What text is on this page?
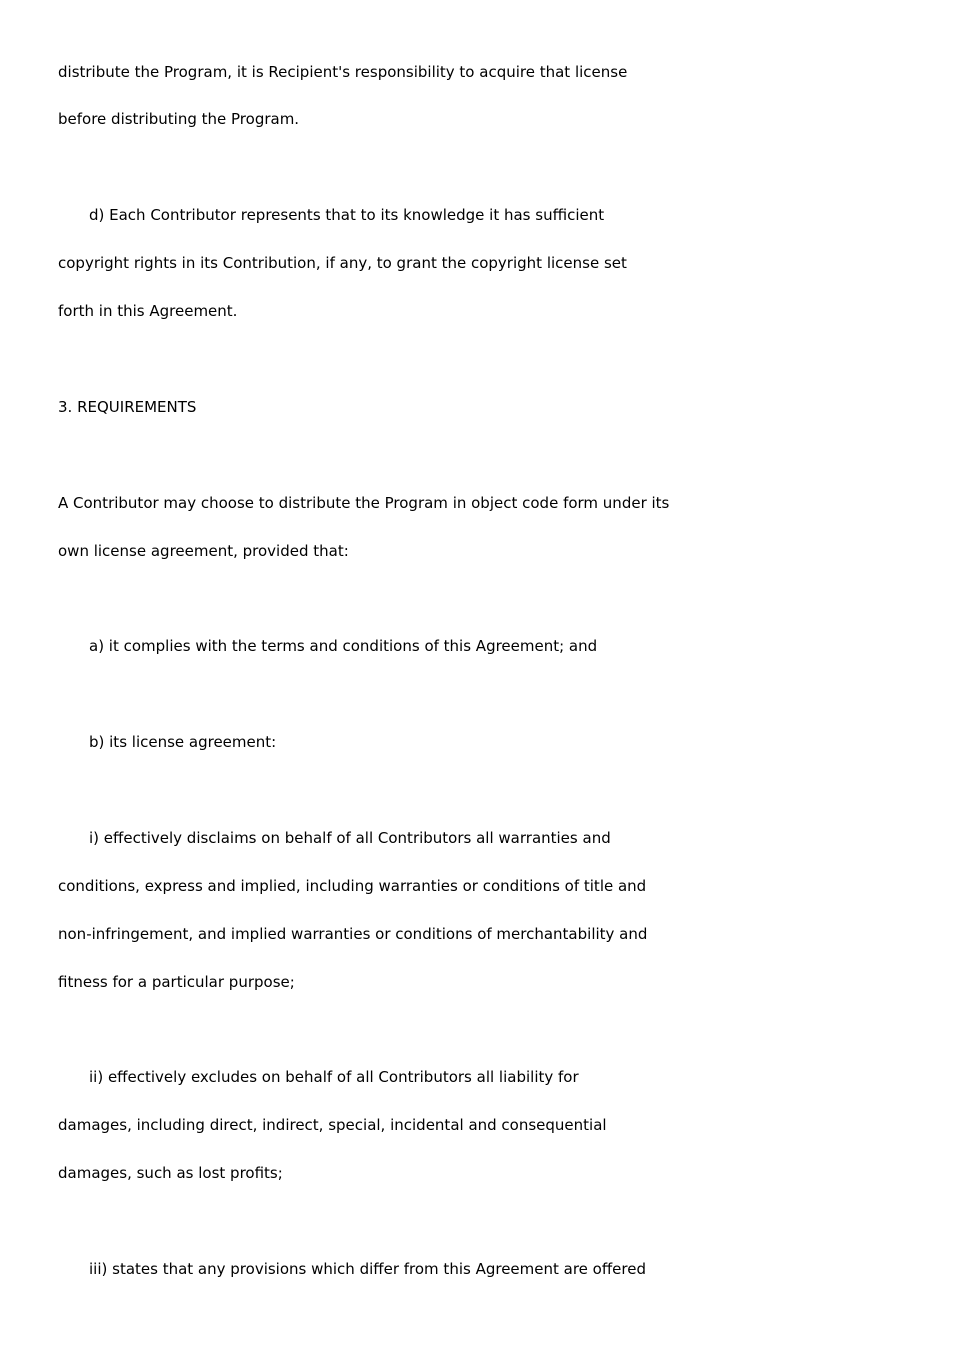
distribute the Program, it is Recipient's responsibility to acquire that license
before distributing the Program.
d) Each Contributor represents that to its knowledge it has sufficient
copyright rights in its Contribution, if any, to grant the copyright license set
forth in this Agreement.
3. REQUIREMENTS
A Contributor may choose to distribute the Program in object code form under its
own license agreement, provided that:
a) it complies with the terms and conditions of this Agreement; and
b) its license agreement:
i) effectively disclaims on behalf of all Contributors all warranties and
conditions, express and implied, including warranties or conditions of title and
non-infringement, and implied warranties or conditions of merchantability and
fitness for a particular purpose;
ii) effectively excludes on behalf of all Contributors all liability for
damages, including direct, indirect, special, incidental and consequential
damages, such as lost profits;
iii) states that any provisions which differ from this Agreement are offered
